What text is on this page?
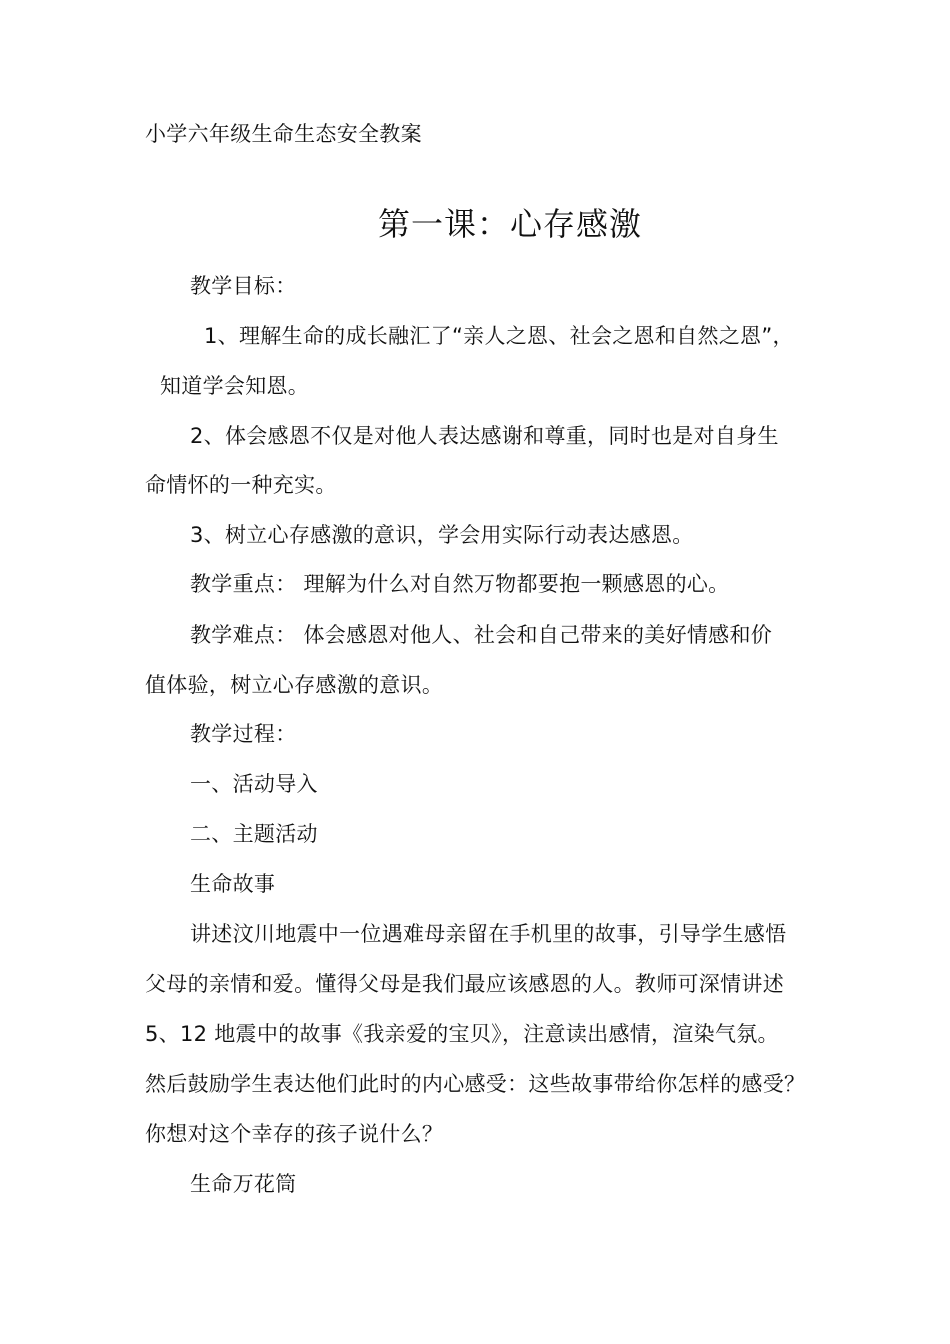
小学六年级生命生态安全教案
第一课：心存感激
教学目标：
1、理解生命的成长融汇了“亲人之恩、社会之恩和自然之恩”，
知道学会知恩。
2、体会感恩不仅是对他人表达感谢和尊重，同时也是对自身生
命情怀的一种充实。
3、树立心存感激的意识，学会用实际行动表达感恩。
教学重点： 理解为什么对自然万物都要抱一颗感恩的心。
教学难点： 体会感恩对他人、社会和自己带来的美好情感和价
值体验，树立心存感激的意识。
教学过程：
一、活动导入
二、主题活动
生命故事
讲述汶川地震中一位遇难母亲留在手机里的故事，引导学生感悟
父母的亲情和爱。懂得父母是我们最应该感恩的人。教师可深情讲述
5、12 地震中的故事《我亲爱的宝贝》，注意读出感情，渲染气氛。
然后鼓励学生表达他们此时的内心感受：这些故事带给你怎样的感受？
你想对这个幸存的孩子说什么？
生命万花筒
